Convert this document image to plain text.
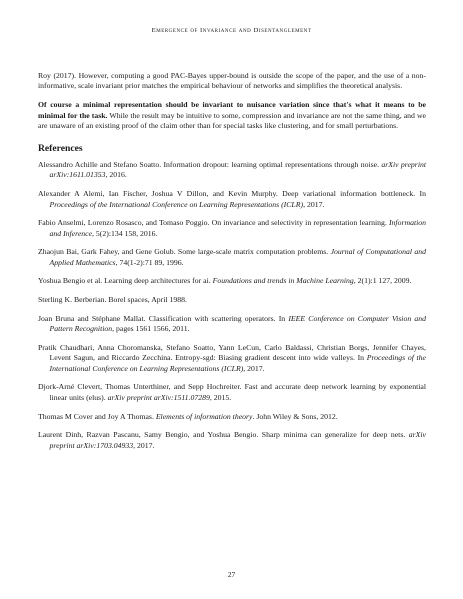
Emergence of Invariance and Disentanglement

Roy (2017). However, computing a good PAC-Bayes upper-bound is outside the scope of the paper, and the use of a non-informative, scale invariant prior matches the empirical behaviour of networks and simplifies the theoretical analysis.

Of course a minimal representation should be invariant to nuisance variation since that's what it means to be minimal for the task. While the result may be intuitive to some, compression and invariance are not the same thing, and we are unaware of an existing proof of the claim other than for special tasks like clustering, and for small perturbations.

References
Alessandro Achille and Stefano Soatto. Information dropout: learning optimal representations through noise. arXiv preprint arXiv:1611.01353, 2016.
Alexander A Alemi, Ian Fischer, Joshua V Dillon, and Kevin Murphy. Deep variational information bottleneck. In Proceedings of the International Conference on Learning Representations (ICLR), 2017.
Fabio Anselmi, Lorenzo Rosasco, and Tomaso Poggio. On invariance and selectivity in representation learning. Information and Inference, 5(2):134 158, 2016.
Zhaojun Bai, Gark Fahey, and Gene Golub. Some large-scale matrix computation problems. Journal of Computational and Applied Mathematics, 74(1-2):71 89, 1996.
Yoshua Bengio et al. Learning deep architectures for ai. Foundations and trends in Machine Learning, 2(1):1 127, 2009.
Sterling K. Berberian. Borel spaces, April 1988.
Joan Bruna and Stéphane Mallat. Classification with scattering operators. In IEEE Conference on Computer Vision and Pattern Recognition, pages 1561 1566, 2011.
Pratik Chaudhari, Anna Choromanska, Stefano Soatto, Yann LeCun, Carlo Baldassi, Christian Borgs, Jennifer Chayes, Levent Sagun, and Riccardo Zecchina. Entropy-sgd: Biasing gradient descent into wide valleys. In Proceedings of the International Conference on Learning Representations (ICLR), 2017.
Djork-Arné Clevert, Thomas Unterthiner, and Sepp Hochreiter. Fast and accurate deep network learning by exponential linear units (elus). arXiv preprint arXiv:1511.07289, 2015.
Thomas M Cover and Joy A Thomas. Elements of information theory. John Wiley & Sons, 2012.
Laurent Dinh, Razvan Pascanu, Samy Bengio, and Yoshua Bengio. Sharp minima can generalize for deep nets. arXiv preprint arXiv:1703.04933, 2017.
27
